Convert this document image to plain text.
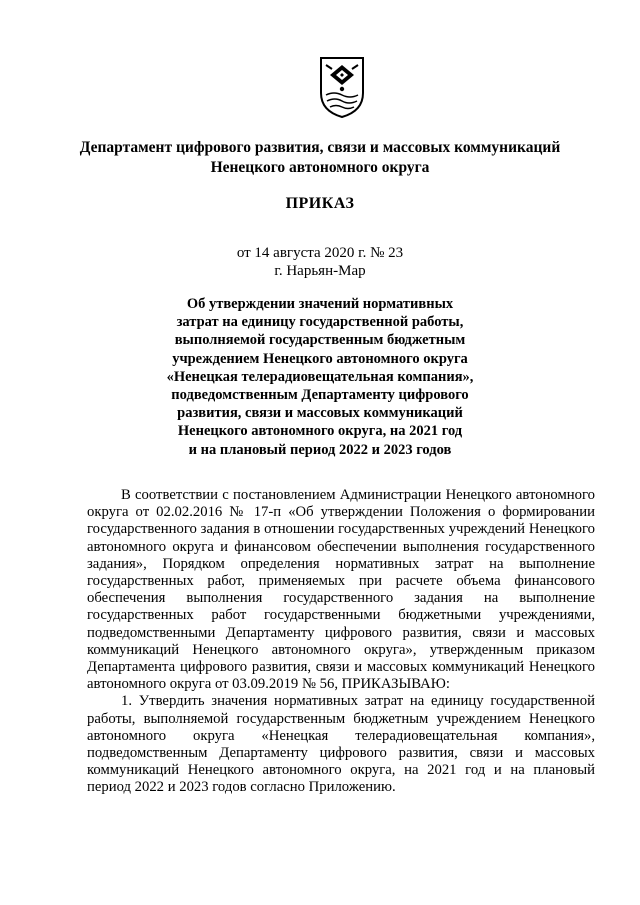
Департамент цифрового развития, связи и массовых коммуникаций
Ненецкого автономного округа
ПРИКАЗ
от 14 августа 2020 г. № 23
г. Нарьян-Мар
Об утверждении значений нормативных
затрат на единицу государственной работы,
выполняемой государственным бюджетным
учреждением Ненецкого автономного округа
«Ненецкая телерадиовещательная компания»,
подведомственным Департаменту цифрового
развития, связи и массовых коммуникаций
Ненецкого автономного округа, на 2021 год
и на плановый период 2022 и 2023 годов

В соответствии с постановлением Администрации Ненецкого автономного округа от 02.02.2016 № 17-п «Об утверждении Положения о формировании государственного задания в отношении государственных учреждений Ненецкого автономного округа и финансовом обеспечении выполнения государственного задания», Порядком определения нормативных затрат на выполнение государственных работ, применяемых при расчете объема финансового обеспечения выполнения государственного задания на выполнение государственных работ государственными бюджетными учреждениями, подведомственными Департаменту цифрового развития, связи и массовых коммуникаций Ненецкого автономного округа», утвержденным приказом Департамента цифрового развития, связи и массовых коммуникаций Ненецкого автономного округа от 03.09.2019 № 56, ПРИКАЗЫВАЮ:

1. Утвердить значения нормативных затрат на единицу государственной работы, выполняемой государственным бюджетным учреждением Ненецкого автономного округа «Ненецкая телерадиовещательная компания», подведомственным Департаменту цифрового развития, связи и массовых коммуникаций Ненецкого автономного округа, на 2021 год и на плановый период 2022 и 2023 годов согласно Приложению.
